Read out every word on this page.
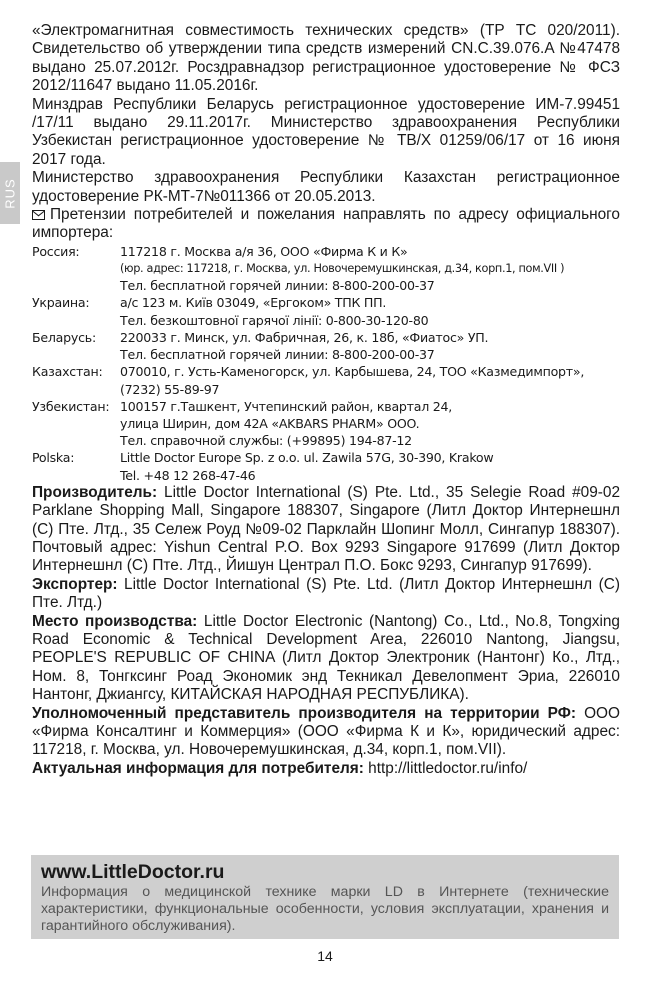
RUS

«Электромагнитная совместимость технических средств» (ТР ТС 020/2011). Свидетельство об утверждении типа средств измерений CN.C.39.076.A №47478 выдано 25.07.2012г. Росздравнадзор регистрационное удостоверение № ФСЗ 2012/11647 выдано 11.05.2016г.

Минздрав Республики Беларусь регистрационное удостоверение ИМ-7.99451 /17/11 выдано 29.11.2017г. Министерство здравоохранения Республики Узбекистан регистрационное удостоверение № TB/X 01259/06/17 от 16 июня 2017 года.

Министерство здравоохранения Республики Казахстан регистрационное удостоверение РК-МТ-7№011366 от 20.05.2013.

Претензии потребителей и пожелания направлять по адресу официального импортера:

Россия:	117218 г. Москва а/я 36, ООО «Фирма К и К»
(юр. адрес: 117218, г. Москва, ул. Новочеремушкинская, д.34, корп.1, пом.VII )
Тел. бесплатной горячей линии: 8-800-200-00-37
Украина:	а/с 123 м. Київ 03049, «Ергоком» ТПК ПП.
Тел. безкоштовної гарячої лінії: 0-800-30-120-80
Беларусь:	220033 г. Минск, ул. Фабричная, 26, к. 18б, «Фиатос» УП.
Тел. бесплатной горячей линии: 8-800-200-00-37
Казахстан:	070010, г. Усть-Каменогорск, ул. Карбышева, 24, ТОО «Казмедимпорт»,
(7232) 55-89-97
Узбекистан: 100157 г.Ташкент, Учтепинский район, квартал 24,
улица Ширин, дом 42А «AKBARS PHARM» OOO.
Тел. справочной службы: (+99895) 194-87-12
Polska:	Little Doctor Europe Sp. z o.o. ul. Zawila 57G, 30-390, Krakow
Tel. +48 12 268-47-46

Производитель: Little Doctor International (S) Pte. Ltd., 35 Selegie Road #09-02 Parklane Shopping Mall, Singapore 188307, Singapore (Литл Доктор Интернешнл (С) Пте. Лтд., 35 Сележ Роуд №09-02 Парклайн Шопинг Молл, Сингапур 188307). Почтовый адрес: Yishun Central P.O. Box 9293 Singapore 917699 (Литл Доктор Интернешнл (С) Пте. Лтд., Йишун Централ П.О. Бокс 9293, Сингапур 917699).

Экспортер: Little Doctor International (S) Pte. Ltd. (Литл Доктор Интернешнл (С) Пте. Лтд.)

Место производства: Little Doctor Electronic (Nantong) Co., Ltd., No.8, Tongxing Road Economic & Technical Development Area, 226010 Nantong, Jiangsu, PEOPLE'S REPUBLIC OF CHINA (Литл Доктор Электроник (Нантонг) Ко., Лтд., Ном. 8, Тонгксинг Роад Экономик энд Текникал Девелопмент Эриа, 226010 Нантонг, Джиангсу, КИТАЙСКАЯ НАРОДНАЯ РЕСПУБЛИКА).

Уполномоченный представитель производителя на территории РФ: ООО «Фирма Консалтинг и Коммерция» (ООО «Фирма К и К», юридический адрес: 117218, г. Москва, ул. Новочеремушкинская, д.34, корп.1, пом.VII).

Актуальная информация для потребителя: http://littledoctor.ru/info/

www.LittleDoctor.ru
Информация о медицинской технике марки LD в Интернете (технические характеристики, функциональные особенности, условия эксплуатации, хранения и гарантийного обслуживания).
14
